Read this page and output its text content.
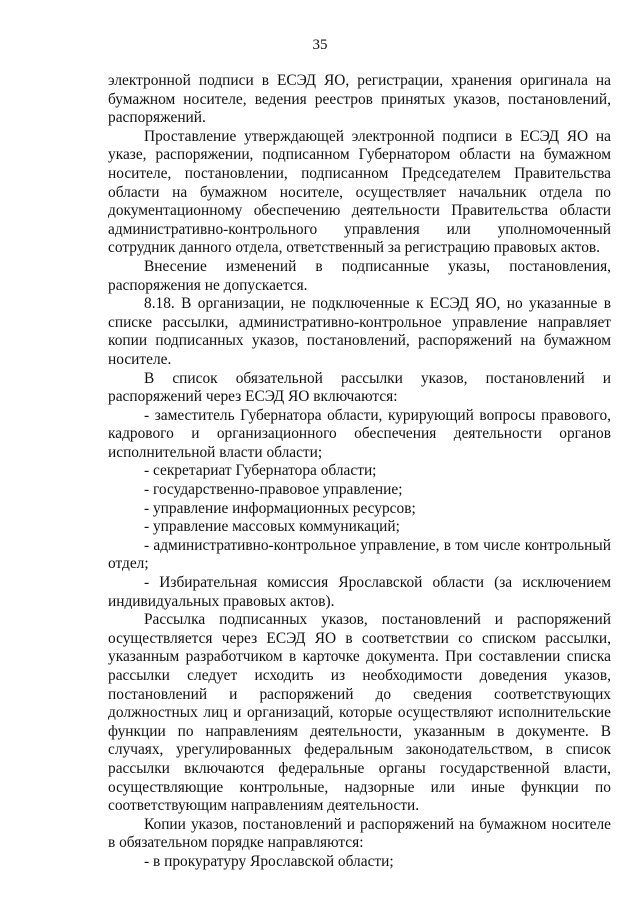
35

электронной подписи в ЕСЭД ЯО, регистрации, хранения оригинала на бумажном носителе, ведения реестров принятых указов, постановлений, распоряжений.

Проставление утверждающей электронной подписи в ЕСЭД ЯО на указе, распоряжении, подписанном Губернатором области на бумажном носителе, постановлении, подписанном Председателем Правительства области на бумажном носителе, осуществляет начальник отдела по документационному обеспечению деятельности Правительства области административно-контрольного управления или уполномоченный сотрудник данного отдела, ответственный за регистрацию правовых актов.

Внесение изменений в подписанные указы, постановления, распоряжения не допускается.

8.18. В организации, не подключенные к ЕСЭД ЯО, но указанные в списке рассылки, административно-контрольное управление направляет копии подписанных указов, постановлений, распоряжений на бумажном носителе.

В список обязательной рассылки указов, постановлений и распоряжений через ЕСЭД ЯО включаются:

- заместитель Губернатора области, курирующий вопросы правового, кадрового и организационного обеспечения деятельности органов исполнительной власти области;

- секретариат Губернатора области;

- государственно-правовое управление;

- управление информационных ресурсов;

- управление массовых коммуникаций;

- административно-контрольное управление, в том числе контрольный отдел;

- Избирательная комиссия Ярославской области (за исключением индивидуальных правовых актов).

Рассылка подписанных указов, постановлений и распоряжений осуществляется через ЕСЭД ЯО в соответствии со списком рассылки, указанным разработчиком в карточке документа. При составлении списка рассылки следует исходить из необходимости доведения указов, постановлений и распоряжений до сведения соответствующих должностных лиц и организаций, которые осуществляют исполнительские функции по направлениям деятельности, указанным в документе. В случаях, урегулированных федеральным законодательством, в список рассылки включаются федеральные органы государственной власти, осуществляющие контрольные, надзорные или иные функции по соответствующим направлениям деятельности.

Копии указов, постановлений и распоряжений на бумажном носителе в обязательном порядке направляются:

- в прокуратуру Ярославской области;
